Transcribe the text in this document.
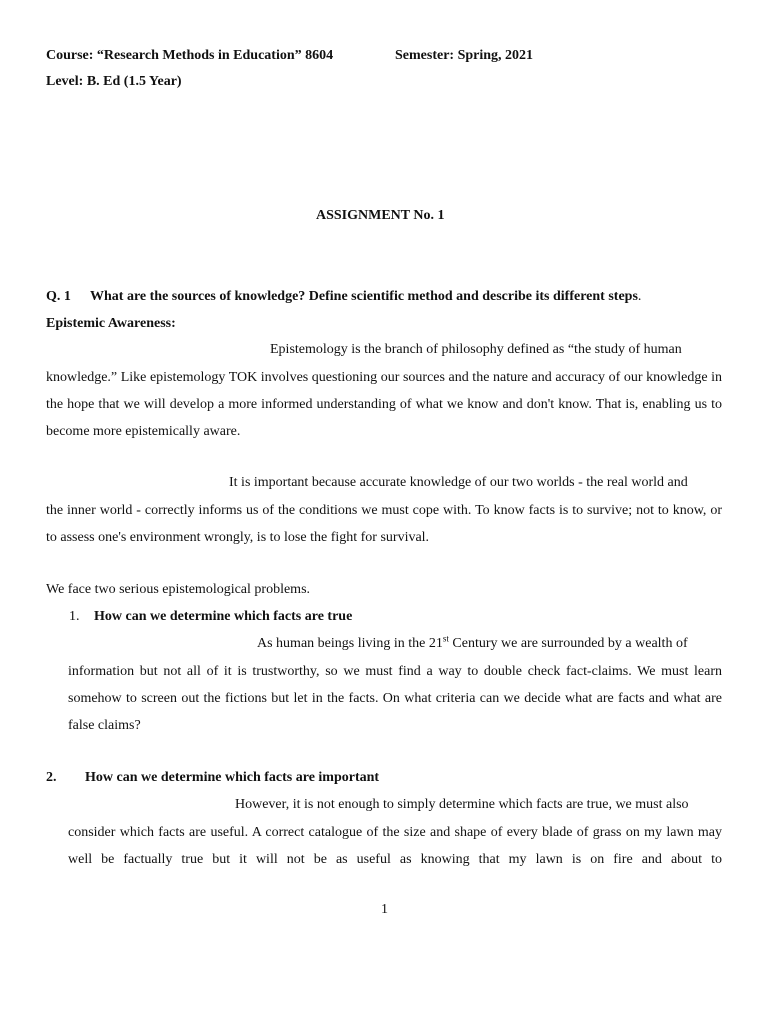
Course: “Research Methods in Education” 8604	Semester: Spring, 2021
Level: B. Ed (1.5 Year)
ASSIGNMENT No. 1
Q. 1 What are the sources of knowledge? Define scientific method and describe its different steps.
Epistemic Awareness:
Epistemology is the branch of philosophy defined as “the study of human
knowledge.” Like epistemology TOK involves questioning our sources and the nature and accuracy of our knowledge in the hope that we will develop a more informed understanding of what we know and don't know. That is, enabling us to become more epistemically aware.
It is important because accurate knowledge of our two worlds - the real world and
the inner world - correctly informs us of the conditions we must cope with. To know facts is to survive; not to know, or to assess one's environment wrongly, is to lose the fight for survival.
We face two serious epistemological problems.
1. How can we determine which facts are true
As human beings living in the 21st Century we are surrounded by a wealth of
information but not all of it is trustworthy, so we must find a way to double check fact-claims. We must learn somehow to screen out the fictions but let in the facts. On what criteria can we decide what are facts and what are false claims?
2. How can we determine which facts are important
However, it is not enough to simply determine which facts are true, we must also
consider which facts are useful. A correct catalogue of the size and shape of every blade of grass on my lawn may well be factually true but it will not be as useful as knowing that my lawn is on fire and about to
1
